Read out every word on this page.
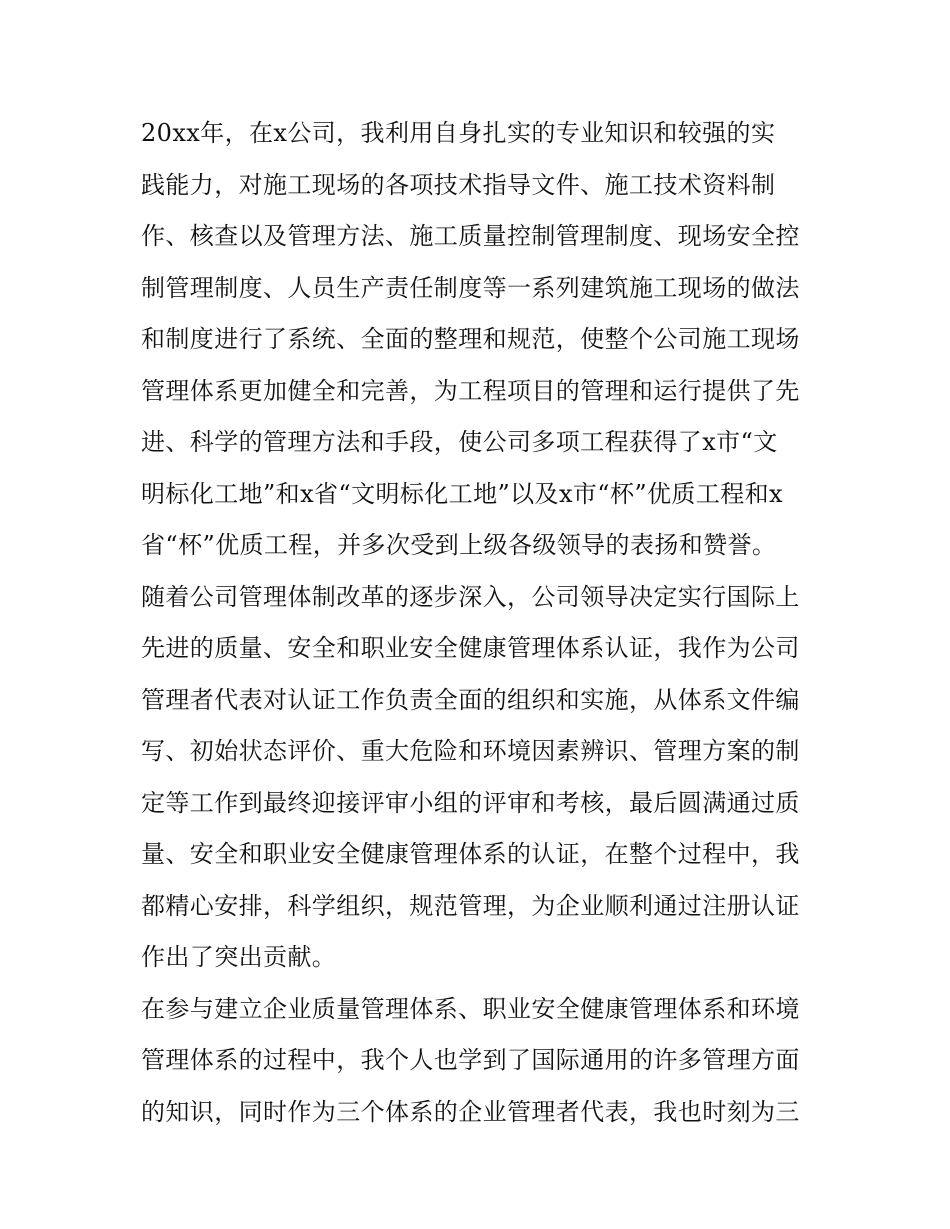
20xx年，在x公司，我利用自身扎实的专业知识和较强的实
践能力，对施工现场的各项技术指导文件、施工技术资料制
作、核查以及管理方法、施工质量控制管理制度、现场安全控
制管理制度、人员生产责任制度等一系列建筑施工现场的做法
和制度进行了系统、全面的整理和规范，使整个公司施工现场
管理体系更加健全和完善，为工程项目的管理和运行提供了先
进、科学的管理方法和手段，使公司多项工程获得了x市“文
明标化工地”和x省“文明标化工地”以及x市“杯”优质工程和x
省“杯”优质工程，并多次受到上级各级领导的表扬和赞誉。
随着公司管理体制改革的逐步深入，公司领导决定实行国际上
先进的质量、安全和职业安全健康管理体系认证，我作为公司
管理者代表对认证工作负责全面的组织和实施，从体系文件编
写、初始状态评价、重大危险和环境因素辨识、管理方案的制
定等工作到最终迎接评审小组的评审和考核，最后圆满通过质
量、安全和职业安全健康管理体系的认证，在整个过程中，我
都精心安排，科学组织，规范管理，为企业顺利通过注册认证
作出了突出贡献。
在参与建立企业质量管理体系、职业安全健康管理体系和环境
管理体系的过程中，我个人也学到了国际通用的许多管理方面
的知识，同时作为三个体系的企业管理者代表，我也时刻为三
